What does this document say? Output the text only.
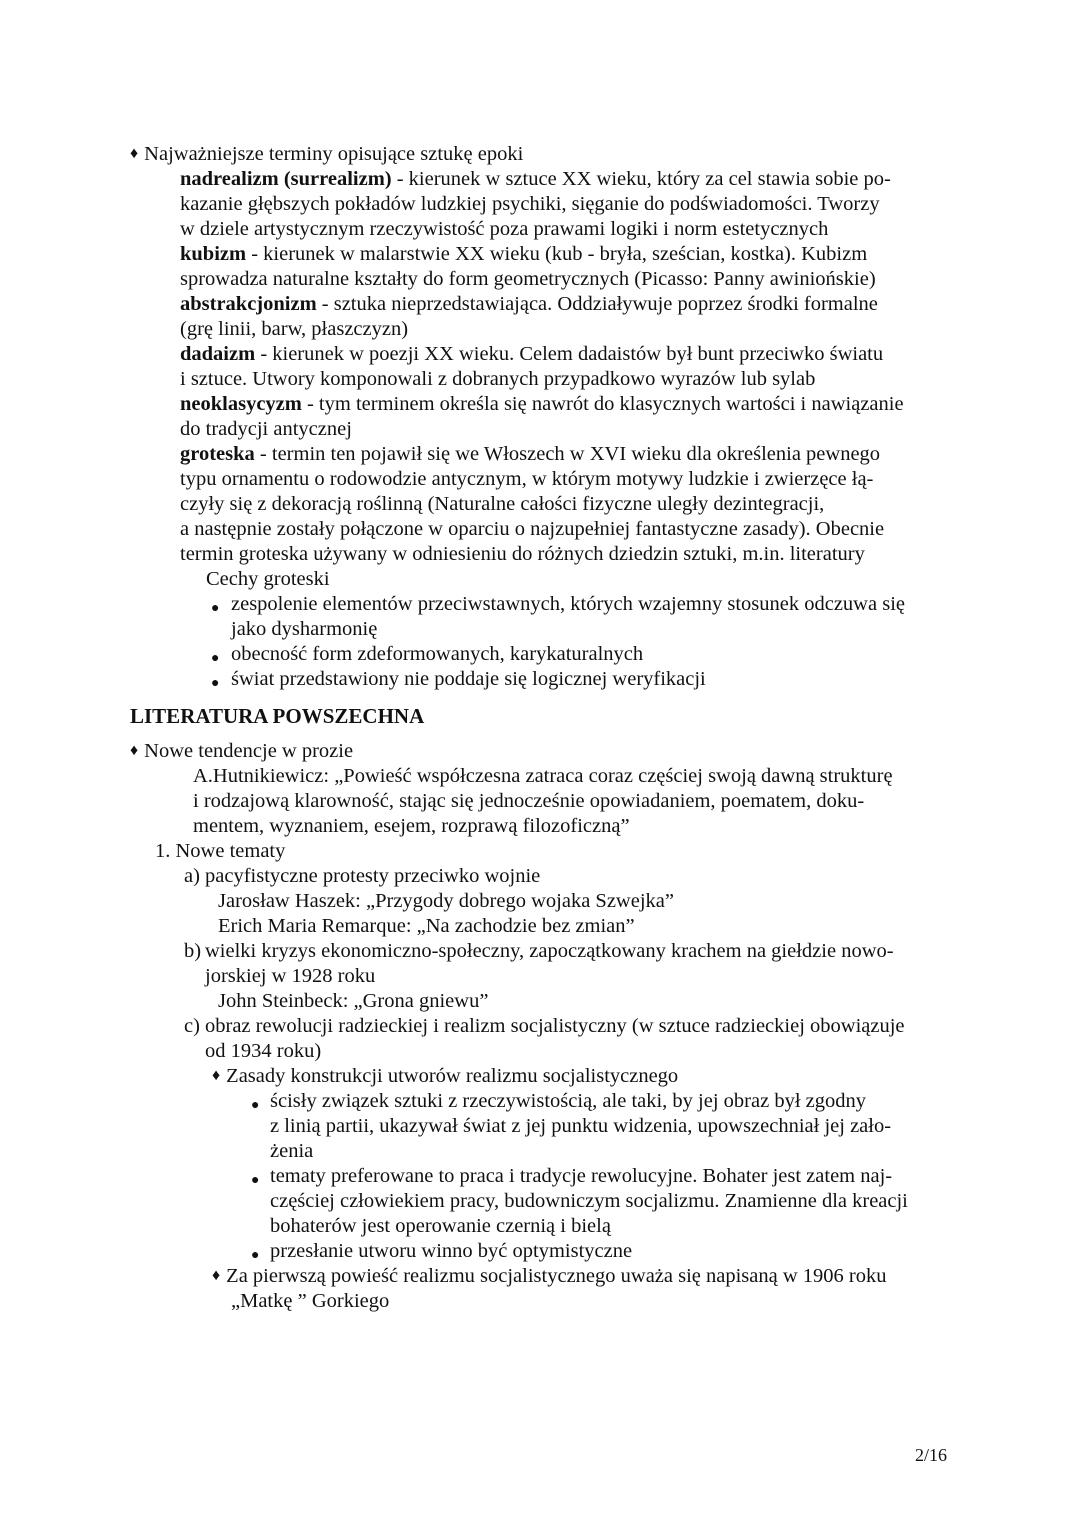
♦ Najważniejsze terminy opisujące sztukę epoki
nadrealizm (surrealizm) - kierunek w sztuce XX wieku, który za cel stawia sobie po-
kazanie głębszych pokładów ludzkiej psychiki, sięganie do podświadomości. Tworzy
w dziele artystycznym rzeczywistość poza prawami logiki i norm estetycznych
kubizm - kierunek w malarstwie XX wieku (kub - bryła, sześcian, kostka). Kubizm
sprowadza naturalne kształty do form geometrycznych (Picasso: Panny awiniońskie)
abstrakcjonizm - sztuka nieprzedstawiająca. Oddziaływuje poprzez środki formalne
(grę linii, barw, płaszczyzn)
dadaizm - kierunek w poezji XX wieku. Celem dadaistów był bunt przeciwko światu
i sztuce. Utwory komponowali z dobranych przypadkowo wyrazów lub sylab
neoklasycyzm - tym terminem określa się nawrót do klasycznych wartości i nawiązanie
do tradycji antycznej
groteska - termin ten pojawił się we Włoszech w XVI wieku dla określenia pewnego
typu ornamentu o rodowodzie antycznym, w którym motywy ludzkie i zwierzęce łą-
czyły się z dekoracją roślinną (Naturalne całości fizyczne uległy dezintegracji,
a następnie zostały połączone w oparciu o najzupełniej fantastyczne zasady). Obecnie
termin groteska używany w odniesieniu do różnych dziedzin sztuki, m.in. literatury
Cechy groteski
● zespolenie elementów przeciwstawnych, których wzajemny stosunek odczuwa się
jako dysharmonię
● obecność form zdeformowanych, karykaturalnych
● świat przedstawiony nie poddaje się logicznej weryfikacji
LITERATURA POWSZECHNA
♦ Nowe tendencje w prozie
A.Hutnikiewicz: „Powieść współczesna zatraca coraz częściej swoją dawną strukturę
i rodzajową klarowność, stając się jednocześnie opowiadaniem, poematem, doku-
mentem, wyznaniem, esejem, rozprawą filozoficzną”
1. Nowe tematy
a) pacyfistyczne protesty przeciwko wojnie
Jarosław Haszek: „Przygody dobrego wojaka Szwejka”
Erich Maria Remarque: „Na zachodzie bez zmian”
b) wielki kryzys ekonomiczno-społeczny, zapoczątkowany krachem na giełdzie nowo-
jorskiej w 1928 roku
John Steinbeck: „Grona gniewu”
c) obraz rewolucji radzieckiej i realizm socjalistyczny (w sztuce radzieckiej obowiązuje
od 1934 roku)
♦ Zasady konstrukcji utworów realizmu socjalistycznego
● ścisły związek sztuki z rzeczywistością, ale taki, by jej obraz był zgodny
z linią partii, ukazywał świat z jej punktu widzenia, upowszechniał jej zało-
żenia
● tematy preferowane to praca i tradycje rewolucyjne. Bohater jest zatem naj-
częściej człowiekiem pracy, budowniczym socjalizmu. Znamienne dla kreacji
bohaterów jest operowanie czernią i bielą
● przesłanie utworu winno być optymistyczne
♦ Za pierwszą powieść realizmu socjalistycznego uważa się napisaną w 1906 roku
„Matkę ” Gorkiego
2/16
